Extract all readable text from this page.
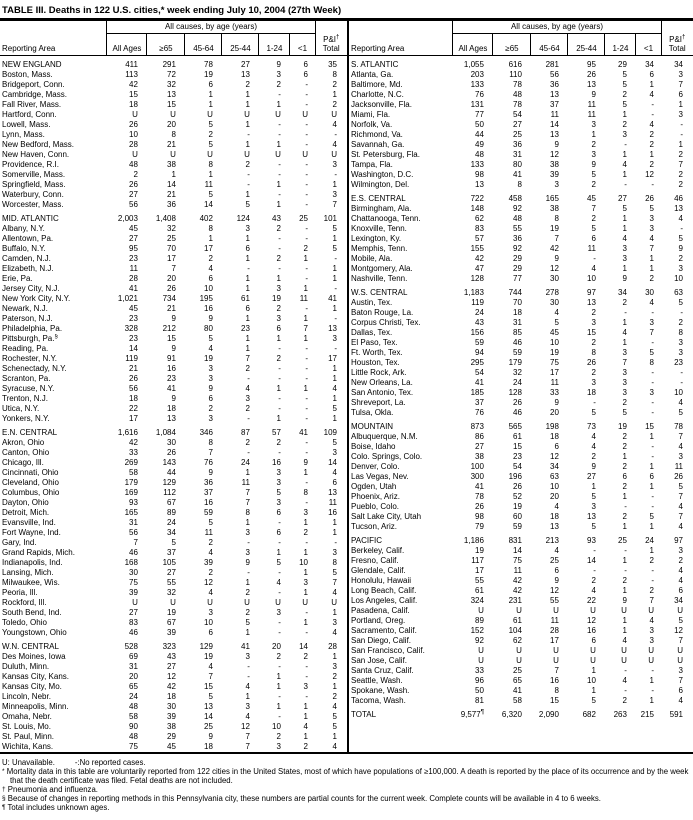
TABLE III. Deaths in 122 U.S. cities,* week ending July 10, 2004 (27th Week)
Reporting Area	All causes, by age (years)						P&I†
Total
	All Ages	≥65	45-64	25-44	1-24	<1	
NEW ENGLAND	411	291	78	27	9	6	35
Boston, Mass.	113	72	19	13	3	6	8
Bridgeport, Conn.	42	32	6	2	2	-	2
Cambridge, Mass.	15	13	1	1	-	-	1
Fall River, Mass.	18	15	1	1	1	-	2
Hartford, Conn.	U	U	U	U	U	U	U
Lowell, Mass.	26	20	5	1	-	-	4
Lynn, Mass.	10	8	2	-	-	-	-
New Bedford, Mass.	28	21	5	1	1	-	4
New Haven, Conn.	U	U	U	U	U	U	U
Providence, R.I.	48	38	8	2	-	-	3
Somerville, Mass.	2	1	1	-	-	-	-
Springfield, Mass.	26	14	11	-	1	-	1
Waterbury, Conn.	27	21	5	1	-	-	3
Worcester, Mass.	56	36	14	5	1	-	7
MID. ATLANTIC	2,003	1,408	402	124	43	25	101
Albany, N.Y.	45	32	8	3	2	-	5
Allentown, Pa.	27	25	1	1	-	-	1
Buffalo, N.Y.	95	70	17	6	-	2	5
Camden, N.J.	23	17	2	1	2	1	-
Elizabeth, N.J.	11	7	4	-	-	-	1
Erie, Pa.	28	20	6	1	1	-	1
Jersey City, N.J.	41	26	10	1	3	1	-
New York City, N.Y.	1,021	734	195	61	19	11	41
Newark, N.J.	45	21	16	6	2	-	1
Paterson, N.J.	23	9	9	1	3	1	-
Philadelphia, Pa.	328	212	80	23	6	7	13
Pittsburgh, Pa.§	23	15	5	1	1	1	3
Reading, Pa.	14	9	4	1	-	-	-
Rochester, N.Y.	119	91	19	7	2	-	17
Schenectady, N.Y.	21	16	3	2	-	-	1
Scranton, Pa.	26	23	3	-	-	-	1
Syracuse, N.Y.	56	41	9	4	1	1	4
Trenton, N.J.	18	9	6	3	-	-	1
Utica, N.Y.	22	18	2	2	-	-	5
Yonkers, N.Y.	17	13	3	-	1	-	1
E.N. CENTRAL	1,616	1,084	346	87	57	41	109
Akron, Ohio	42	30	8	2	2	-	5
Canton, Ohio	33	26	7	-	-	-	3
Chicago, Ill.	269	143	76	24	16	9	14
Cincinnati, Ohio	58	44	9	1	3	1	4
Cleveland, Ohio	179	129	36	11	3	-	6
Columbus, Ohio	169	112	37	7	5	8	13
Dayton, Ohio	93	67	16	7	3	-	11
Detroit, Mich.	165	89	59	8	6	3	16
Evansville, Ind.	31	24	5	1	-	1	1
Fort Wayne, Ind.	56	34	11	3	6	2	1
Gary, Ind.	7	5	2	-	-	-	-
Grand Rapids, Mich.	46	37	4	3	1	1	3
Indianapolis, Ind.	168	105	39	9	5	10	8
Lansing, Mich.	30	27	2	-	-	1	5
Milwaukee, Wis.	75	55	12	1	4	3	7
Peoria, Ill.	39	32	4	2	-	1	4
Rockford, Ill.	U	U	U	U	U	U	U
South Bend, Ind.	27	19	3	2	3	-	1
Toledo, Ohio	83	67	10	5	-	1	3
Youngstown, Ohio	46	39	6	1	-	-	4
W.N. CENTRAL	528	323	129	41	20	14	28
Des Moines, Iowa	69	43	19	3	2	2	1
Duluth, Minn.	31	27	4	-	-	-	3
Kansas City, Kans.	20	12	7	-	1	-	2
Kansas City, Mo.	65	42	15	4	1	3	1
Lincoln, Nebr.	24	18	5	1	-	-	2
Minneapolis, Minn.	48	30	13	3	1	1	4
Omaha, Nebr.	58	39	14	4	-	1	5
St. Louis, Mo.	90	38	25	12	10	4	5
St. Paul, Minn.	48	29	9	7	2	1	1
Wichita, Kans.	75	45	18	7	3	2	4
Reporting Area	All causes, by age (years)						P&I†
Total
	All Ages	≥65	45-64	25-44	1-24	<1	
S. ATLANTIC	1,055	616	281	95	29	34	34
Atlanta, Ga.	203	110	56	26	5	6	3
Baltimore, Md.	133	78	36	13	5	1	7
Charlotte, N.C.	76	48	13	9	2	4	6
Jacksonville, Fla.	131	78	37	11	5	-	1
Miami, Fla.	77	54	11	11	1	-	3
Norfolk, Va.	50	27	14	3	2	4	-
Richmond, Va.	44	25	13	1	3	2	-
Savannah, Ga.	49	36	9	2	-	2	1
St. Petersburg, Fla.	48	31	12	3	1	1	2
Tampa, Fla.	133	80	38	9	4	2	7
Washington, D.C.	98	41	39	5	1	12	2
Wilmington, Del.	13	8	3	2	-	-	2
E.S. CENTRAL	722	458	165	45	27	26	46
Birmingham, Ala.	148	92	38	7	5	5	13
Chattanooga, Tenn.	62	48	8	2	1	3	4
Knoxville, Tenn.	83	55	19	5	1	3	-
Lexington, Ky.	57	36	7	6	4	4	5
Memphis, Tenn.	155	92	42	11	3	7	9
Mobile, Ala.	42	29	9	-	3	1	2
Montgomery, Ala.	47	29	12	4	1	1	3
Nashville, Tenn.	128	77	30	10	9	2	10
W.S. CENTRAL	1,183	744	278	97	34	30	63
Austin, Tex.	119	70	30	13	2	4	5
Baton Rouge, La.	24	18	4	2	-	-	-
Corpus Christi, Tex.	43	31	5	3	1	3	2
Dallas, Tex.	156	85	45	15	4	7	8
El Paso, Tex.	59	46	10	2	1	-	3
Ft. Worth, Tex.	94	59	19	8	3	5	3
Houston, Tex.	295	179	75	26	7	8	23
Little Rock, Ark.	54	32	17	2	3	-	-
New Orleans, La.	41	24	11	3	3	-	-
San Antonio, Tex.	185	128	33	18	3	3	10
Shreveport, La.	37	26	9	-	2	-	4
Tulsa, Okla.	76	46	20	5	5	-	5
MOUNTAIN	873	565	198	73	19	15	78
Albuquerque, N.M.	86	61	18	4	2	1	7
Boise, Idaho	27	15	6	4	2	-	4
Colo. Springs, Colo.	38	23	12	2	1	-	3
Denver, Colo.	100	54	34	9	2	1	11
Las Vegas, Nev.	300	196	63	27	6	6	26
Ogden, Utah	41	26	10	1	2	1	5
Phoenix, Ariz.	78	52	20	5	1	-	7
Pueblo, Colo.	26	19	4	3	-	-	4
Salt Lake City, Utah	98	60	18	13	2	5	7
Tucson, Ariz.	79	59	13	5	1	1	4
PACIFIC	1,186	831	213	93	25	24	97
Berkeley, Calif.	19	14	4	-	-	1	3
Fresno, Calif.	117	75	25	14	1	2	2
Glendale, Calif.	17	11	6	-	-	-	4
Honolulu, Hawaii	55	42	9	2	2	-	4
Long Beach, Calif.	61	42	12	4	1	2	6
Los Angeles, Calif.	324	231	55	22	9	7	34
Pasadena, Calif.	U	U	U	U	U	U	U
Portland, Oreg.	89	61	11	12	1	4	5
Sacramento, Calif.	152	104	28	16	1	3	12
San Diego, Calif.	92	62	17	6	4	3	7
San Francisco, Calif.	U	U	U	U	U	U	U
San Jose, Calif.	U	U	U	U	U	U	U
Santa Cruz, Calif.	33	25	7	1	-	-	3
Seattle, Wash.	96	65	16	10	4	1	7
Spokane, Wash.	50	41	8	1	-	-	6
Tacoma, Wash.	81	58	15	5	2	1	4
TOTAL	9,577¶	6,320	2,090	682	263	215	591
U: Unavailable.	-:No reported cases.
* Mortality data in this table are voluntarily reported from 122 cities in the United States, most of which have populations of ≥100,000. A death is reported by the place of its occurrence and by the week that the death certificate was filed. Fetal deaths are not included.
† Pneumonia and influenza.
§ Because of changes in reporting methods in this Pennsylvania city, these numbers are partial counts for the current week. Complete counts will be available in 4 to 6 weeks.
¶ Total includes unknown ages.
